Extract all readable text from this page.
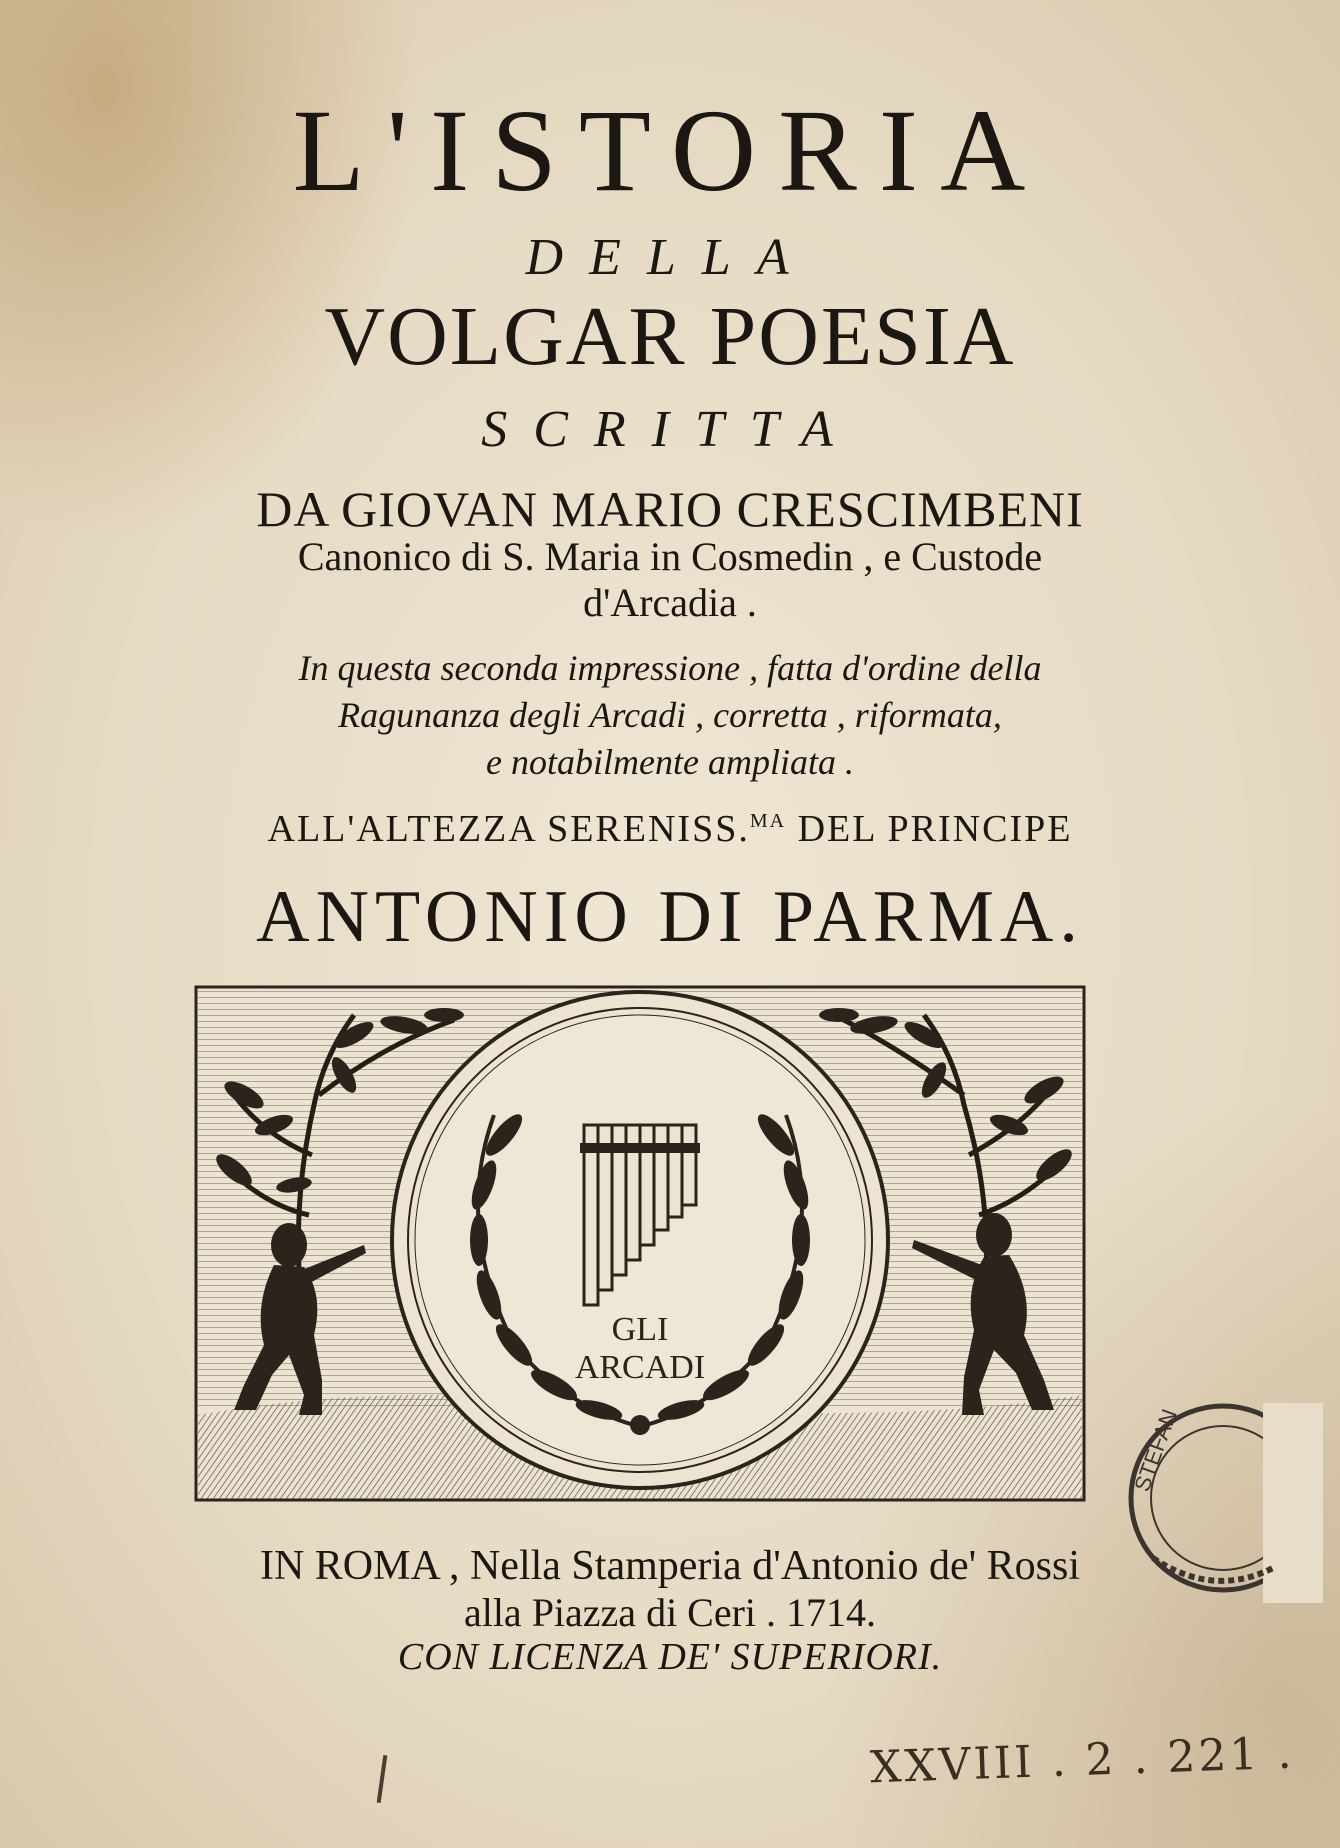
L'ISTORIA
DELLA
VOLGAR POESIA
SCRITTA
DA GIOVAN MARIO CRESCIMBENI
Canonico di S. Maria in Cosmedin , e Custode
d'Arcadia .
In questa seconda impressione , fatta d'ordine della
Ragunanza degli Arcadi , corretta , riformata,
e notabilmente ampliata .
ALL'ALTEZZA SERENISS.$^{MA}$ DEL PRINCIPE
ANTONIO DI PARMA.
GLI
ARCADI
IN ROMA , Nella Stamperia d'Antonio de' Rossi
alla Piazza di Ceri . 1714.
CON LICENZA DE' SUPERIORI.
STEFAN
XXVIII . 2 . 221 .
